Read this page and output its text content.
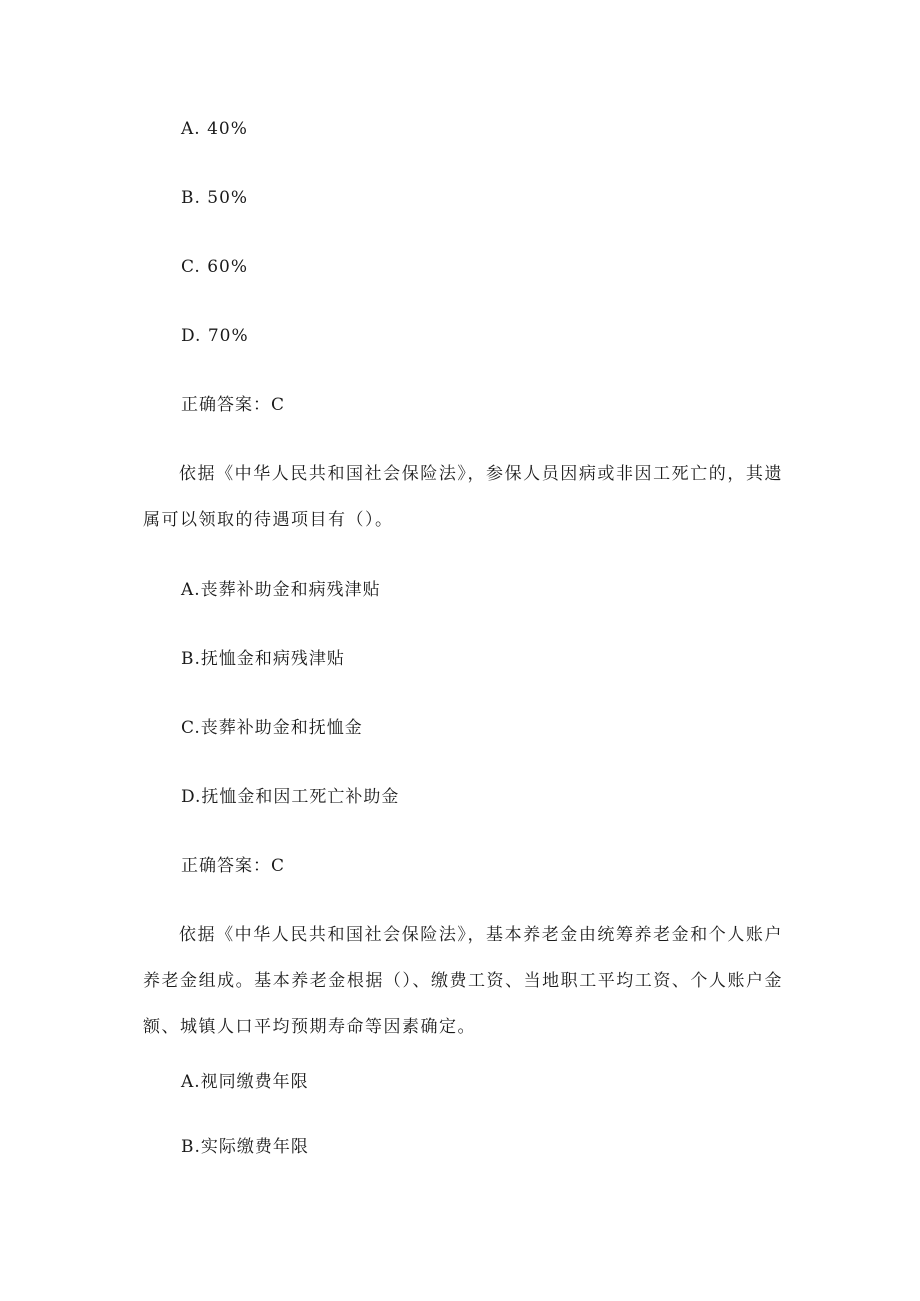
A. 40%
B. 50%
C. 60%
D. 70%
正确答案：C
依据《中华人民共和国社会保险法》，参保人员因病或非因工死亡的，其遗属可以领取的待遇项目有（）。
A.丧葬补助金和病残津贴
B.抚恤金和病残津贴
C.丧葬补助金和抚恤金
D.抚恤金和因工死亡补助金
正确答案：C
依据《中华人民共和国社会保险法》，基本养老金由统筹养老金和个人账户养老金组成。基本养老金根据（）、缴费工资、当地职工平均工资、个人账户金额、城镇人口平均预期寿命等因素确定。
A.视同缴费年限
B.实际缴费年限
